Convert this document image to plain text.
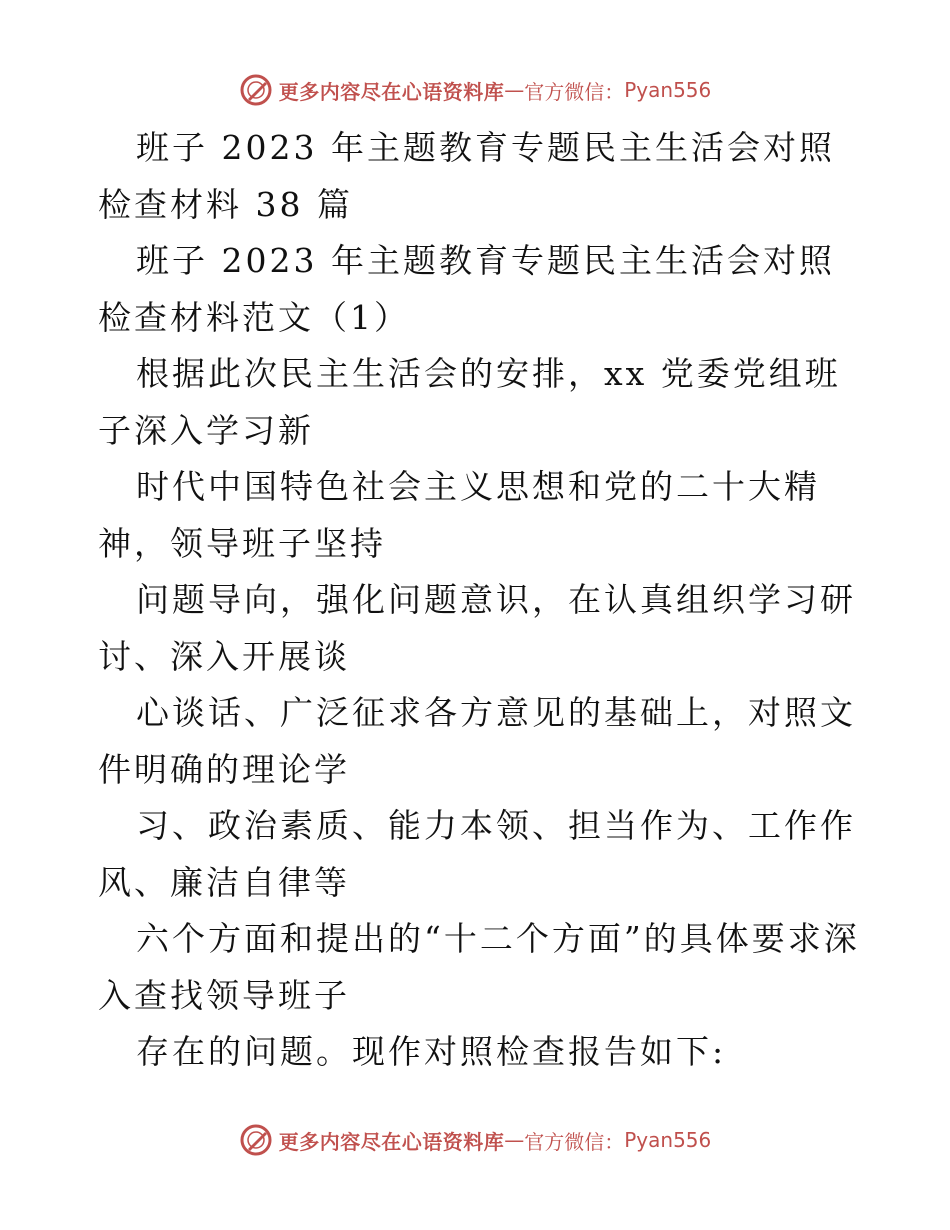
更多内容尽在心语资料库 — 官方微信： Pyan556

班子 2023 年主题教育专题民主生活会对照检查材料 38 篇

班子 2023 年主题教育专题民主生活会对照检查材料范文（1）

根据此次民主生活会的安排，xx 党委党组班子深入学习新

时代中国特色社会主义思想和党的二十大精神，领导班子坚持

问题导向，强化问题意识，在认真组织学习研讨、深入开展谈

心谈话、广泛征求各方意见的基础上，对照文件明确的理论学

习、政治素质、能力本领、担当作为、工作作风、廉洁自律等

六个方面和提出的“十二个方面”的具体要求深入查找领导班子

存在的问题。现作对照检查报告如下:

更多内容尽在心语资料库 — 官方微信： Pyan556
